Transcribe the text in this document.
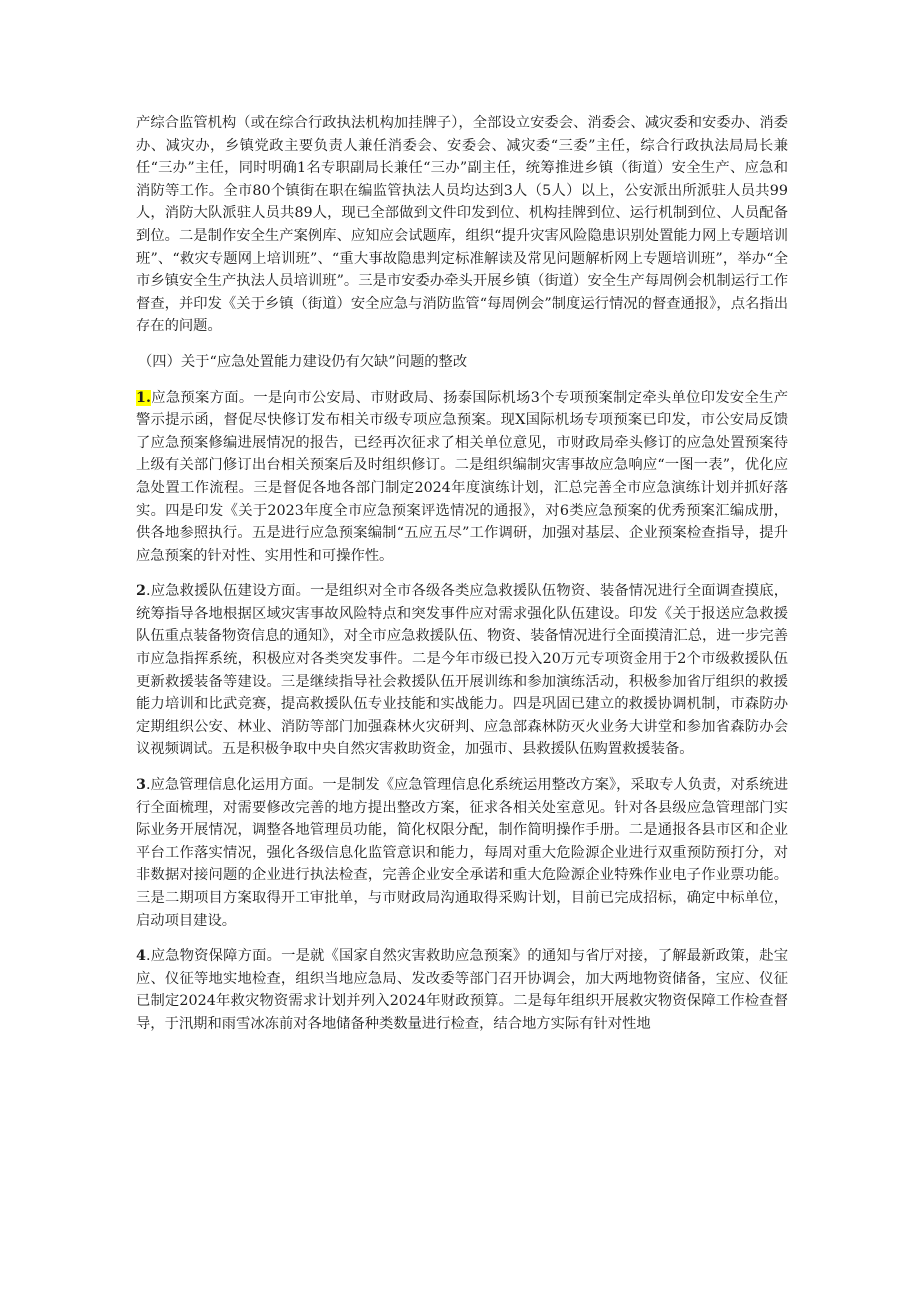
产综合监管机构（或在综合行政执法机构加挂牌子），全部设立安委会、消委会、减灾委和安委办、消委办、减灾办，乡镇党政主要负责人兼任消委会、安委会、减灾委“三委”主任，综合行政执法局局长兼任“三办”主任，同时明确1名专职副局长兼任“三办”副主任，统筹推进乡镇（街道）安全生产、应急和消防等工作。全市80个镇街在职在编监管执法人员均达到3人（5人）以上，公安派出所派驻人员共99人，消防大队派驻人员共89人，现已全部做到文件印发到位、机构挂牌到位、运行机制到位、人员配备到位。二是制作安全生产案例库、应知应会试题库，组织“提升灾害风险隐患识别处置能力网上专题培训班”、“救灾专题网上培训班”、“重大事故隐患判定标准解读及常见问题解析网上专题培训班”，举办“全市乡镇安全生产执法人员培训班”。三是市安委办牵头开展乡镇（街道）安全生产每周例会机制运行工作督查，并印发《关于乡镇（街道）安全应急与消防监管“每周例会”制度运行情况的督查通报》，点名指出存在的问题。

（四）关于“应急处置能力建设仍有欠缺”问题的整改

1.应急预案方面。一是向市公安局、市财政局、扬泰国际机场3个专项预案制定牵头单位印发安全生产警示提示函，督促尽快修订发布相关市级专项应急预案。现X国际机场专项预案已印发，市公安局反馈了应急预案修编进展情况的报告，已经再次征求了相关单位意见，市财政局牵头修订的应急处置预案待上级有关部门修订出台相关预案后及时组织修订。二是组织编制灾害事故应急响应“一图一表”，优化应急处置工作流程。三是督促各地各部门制定2024年度演练计划，汇总完善全市应急演练计划并抓好落实。四是印发《关于2023年度全市应急预案评选情况的通报》，对6类应急预案的优秀预案汇编成册，供各地参照执行。五是进行应急预案编制“五应五尽”工作调研，加强对基层、企业预案检查指导，提升应急预案的针对性、实用性和可操作性。

2.应急救援队伍建设方面。一是组织对全市各级各类应急救援队伍物资、装备情况进行全面调查摸底，统筹指导各地根据区域灾害事故风险特点和突发事件应对需求强化队伍建设。印发《关于报送应急救援队伍重点装备物资信息的通知》，对全市应急救援队伍、物资、装备情况进行全面摸清汇总，进一步完善市应急指挥系统，积极应对各类突发事件。二是今年市级已投入20万元专项资金用于2个市级救援队伍更新救援装备等建设。三是继续指导社会救援队伍开展训练和参加演练活动，积极参加省厅组织的救援能力培训和比武竞赛，提高救援队伍专业技能和实战能力。四是巩固已建立的救援协调机制，市森防办定期组织公安、林业、消防等部门加强森林火灾研判、应急部森林防灭火业务大讲堂和参加省森防办会议视频调试。五是积极争取中央自然灾害救助资金，加强市、县救援队伍购置救援装备。

3.应急管理信息化运用方面。一是制发《应急管理信息化系统运用整改方案》，采取专人负责，对系统进行全面梳理，对需要修改完善的地方提出整改方案，征求各相关处室意见。针对各县级应急管理部门实际业务开展情况，调整各地管理员功能，简化权限分配，制作简明操作手册。二是通报各县市区和企业平台工作落实情况，强化各级信息化监管意识和能力，每周对重大危险源企业进行双重预防预打分，对非数据对接问题的企业进行执法检查，完善企业安全承诺和重大危险源企业特殊作业电子作业票功能。三是二期项目方案取得开工审批单，与市财政局沟通取得采购计划，目前已完成招标，确定中标单位，启动项目建设。

4.应急物资保障方面。一是就《国家自然灾害救助应急预案》的通知与省厅对接，了解最新政策，赴宝应、仪征等地实地检查，组织当地应急局、发改委等部门召开协调会，加大两地物资储备，宝应、仪征已制定2024年救灾物资需求计划并列入2024年财政预算。二是每年组织开展救灾物资保障工作检查督导，于汛期和雨雪冰冻前对各地储备种类数量进行检查，结合地方实际有针对性地
